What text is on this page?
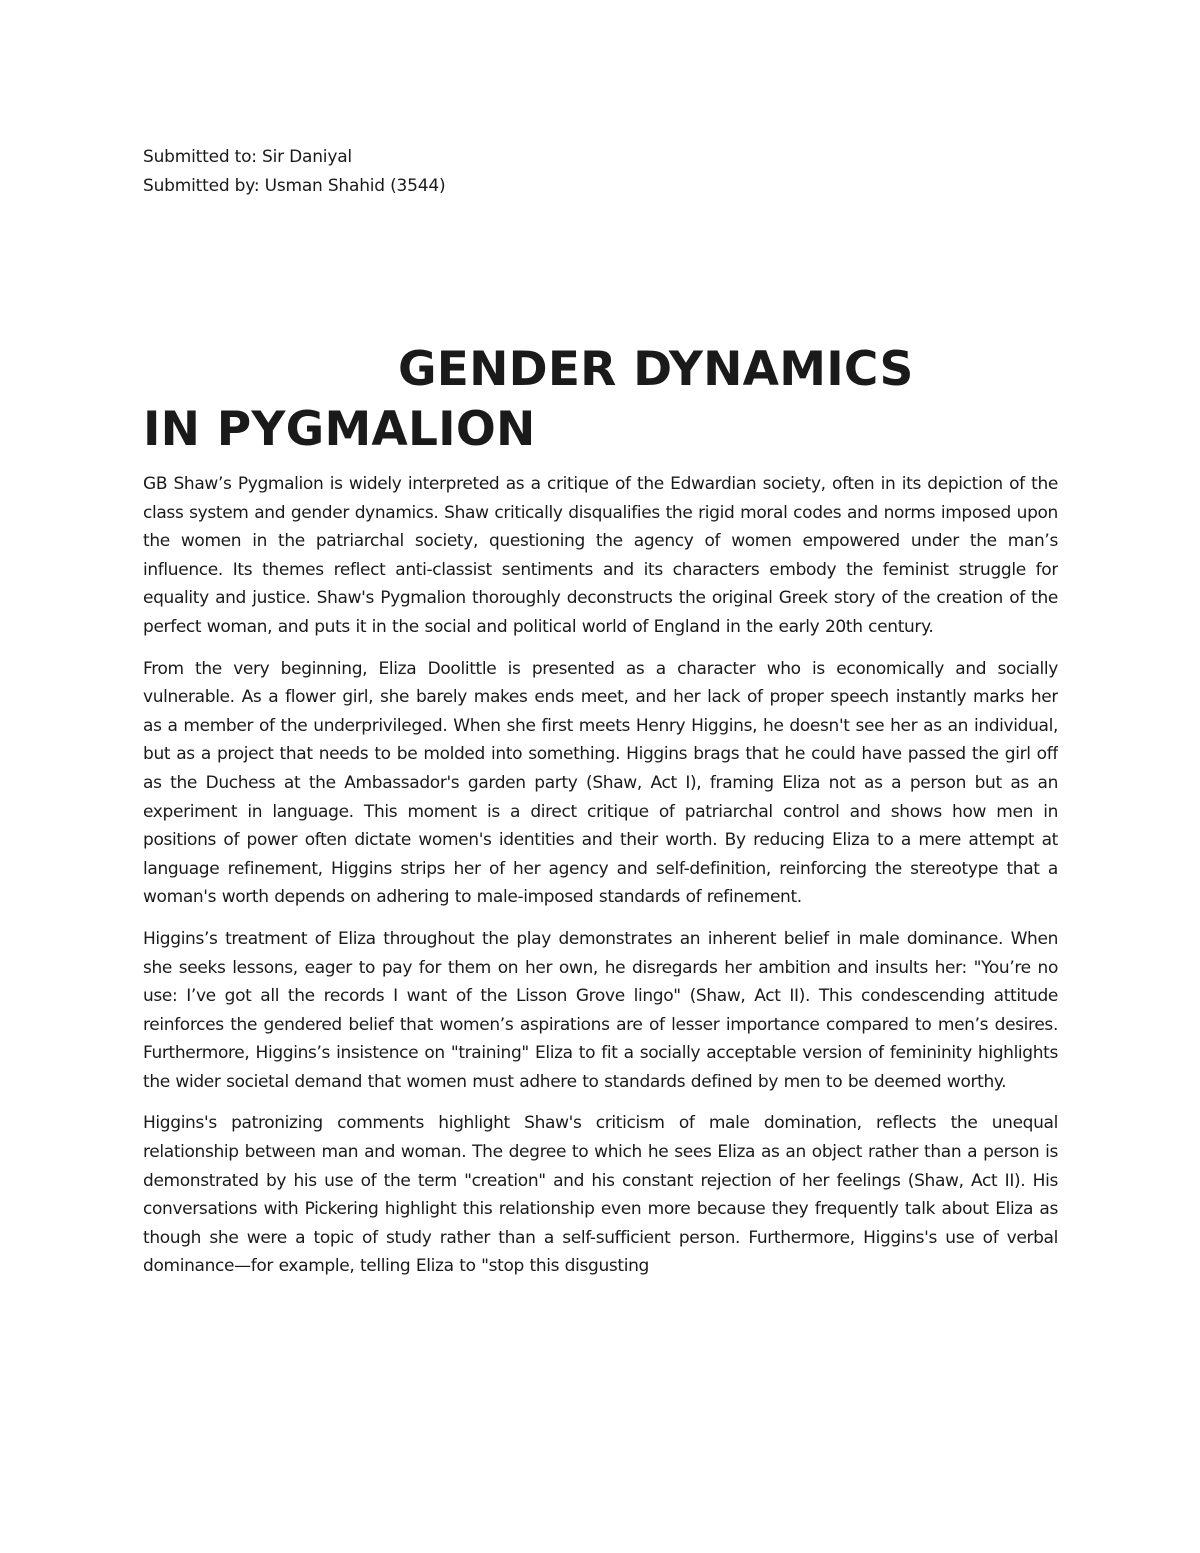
Submitted to: Sir Daniyal
Submitted by: Usman Shahid (3544)
GENDER DYNAMICS
IN PYGMALION

GB Shaw’s Pygmalion is widely interpreted as a critique of the Edwardian society, often in its depiction of the class system and gender dynamics. Shaw critically disqualifies the rigid moral codes and norms imposed upon the women in the patriarchal society, questioning the agency of women empowered under the man’s influence. Its themes reflect anti-classist sentiments and its characters embody the feminist struggle for equality and justice. Shaw's Pygmalion thoroughly deconstructs the original Greek story of the creation of the perfect woman, and puts it in the social and political world of England in the early 20th century.

From the very beginning, Eliza Doolittle is presented as a character who is economically and socially vulnerable. As a flower girl, she barely makes ends meet, and her lack of proper speech instantly marks her as a member of the underprivileged. When she first meets Henry Higgins, he doesn't see her as an individual, but as a project that needs to be molded into something. Higgins brags that he could have passed the girl off as the Duchess at the Ambassador's garden party (Shaw, Act I), framing Eliza not as a person but as an experiment in language. This moment is a direct critique of patriarchal control and shows how men in positions of power often dictate women's identities and their worth. By reducing Eliza to a mere attempt at language refinement, Higgins strips her of her agency and self-definition, reinforcing the stereotype that a woman's worth depends on adhering to male-imposed standards of refinement.

Higgins’s treatment of Eliza throughout the play demonstrates an inherent belief in male dominance. When she seeks lessons, eager to pay for them on her own, he disregards her ambition and insults her: "You’re no use: I’ve got all the records I want of the Lisson Grove lingo" (Shaw, Act II). This condescending attitude reinforces the gendered belief that women’s aspirations are of lesser importance compared to men’s desires. Furthermore, Higgins’s insistence on "training" Eliza to fit a socially acceptable version of femininity highlights the wider societal demand that women must adhere to standards defined by men to be deemed worthy.

Higgins's patronizing comments highlight Shaw's criticism of male domination, reflects the unequal relationship between man and woman. The degree to which he sees Eliza as an object rather than a person is demonstrated by his use of the term "creation" and his constant rejection of her feelings (Shaw, Act II). His conversations with Pickering highlight this relationship even more because they frequently talk about Eliza as though she were a topic of study rather than a self-sufficient person. Furthermore, Higgins's use of verbal dominance—for example, telling Eliza to "stop this disgusting
